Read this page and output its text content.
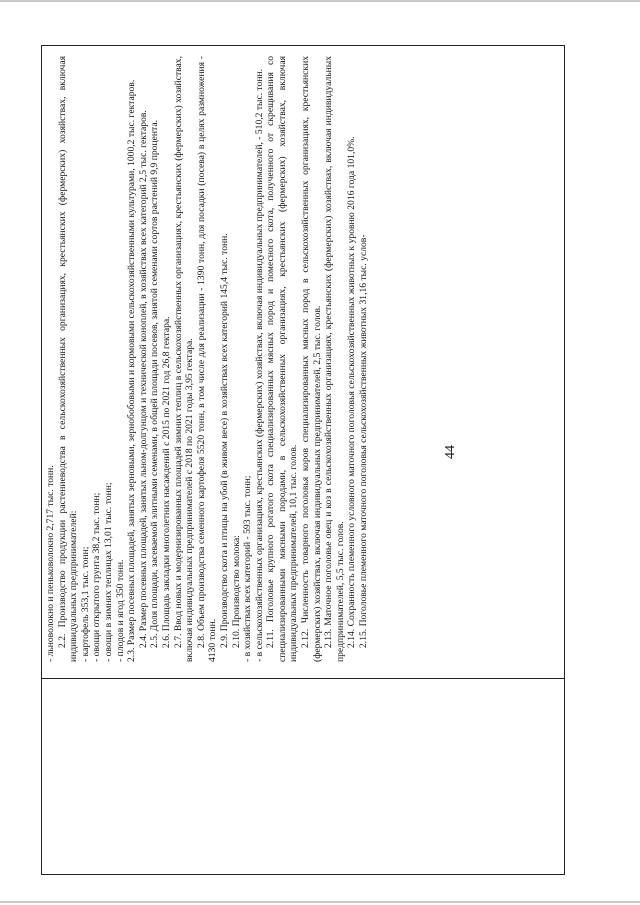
44

- льноволокно и пеньковолокно 2,717 тыс. тонн. 2.2. Производство продукции растениеводства в сельскохозяйственных организациях, крестьянских (фермерских) хозяйствах, включая индивидуальных предпринимателей: - картофель 353,1 тыс. тонн; - овощи открытого грунта 38,2 тыс. тонн; - овощи в зимних теплицах 13,01 тыс. тонн; - плодов и ягод 350 тонн. 2.3. Размер посевных площадей, занятых зерновыми, зернобобовыми и кормовыми сельскохозяйственными культурами, 1000,2 тыс. гектаров. 2.4. Размер посевных площадей, занятых льном-долгунцом и технической коноплей, в хозяйствах всех категорий 2,5 тыс. гектаров. 2.5. Доля площади, засеваемой элитными семенами, в общей площади посевов, занятой семенами сортов растений 9,9 процента. 2.6. Площадь закладки многолетних насаждений с 2015 по 2021 год 26,8 гектара. 2.7. Ввод новых и модернизированных площадей зимних теплиц в сельскохозяйственных организациях, крестьянских (фермерских) хозяйствах, включая индивидуальных предпринимателей с 2018 по 2021 годы 3,95 гектара. 2.8. Объем производства семенного картофеля 5520 тонн, в том числе для реализации - 1390 тонн, для посадки (посева) в целях размножения - 4130 тонн. 2.9. Производство скота и птицы на убой (в живом весе) в хозяйствах всех категорий 145,4 тыс. тонн. 2.10. Производство молока: - в хозяйствах всех категорий - 593 тыс. тонн; - в сельскохозяйственных организациях, крестьянских (фермерских) хозяйствах, включая индивидуальных предпринимателей, - 510,2 тыс. тонн. 2.11. Поголовье крупного рогатого скота специализированных мясных пород и помесного скота, полученного от скрещивания со специализированными мясными породами, в сельскохозяйственных организациях, крестьянских (фермерских) хозяйствах, включая индивидуальных предпринимателей, 10,1 тыс. голов. 2.12. Численность товарного поголовья коров специализированных мясных пород в сельскохозяйственных организациях, крестьянских (фермерских) хозяйствах, включая индивидуальных предпринимателей, 2,5 тыс. голов. 2.13. Маточное поголовье овец и коз в сельскохозяйственных организациях, крестьянских (фермерских) хозяйствах, включая индивидуальных предпринимателей, 5,5 тыс. голов. 2.14. Сохранность племенного условного маточного поголовья сельскохозяйственных животных к уровню 2016 года 101,0%. 2.15. Поголовье племенного маточного поголовья сельскохозяйственных животных 31,16 тыс. услов-
